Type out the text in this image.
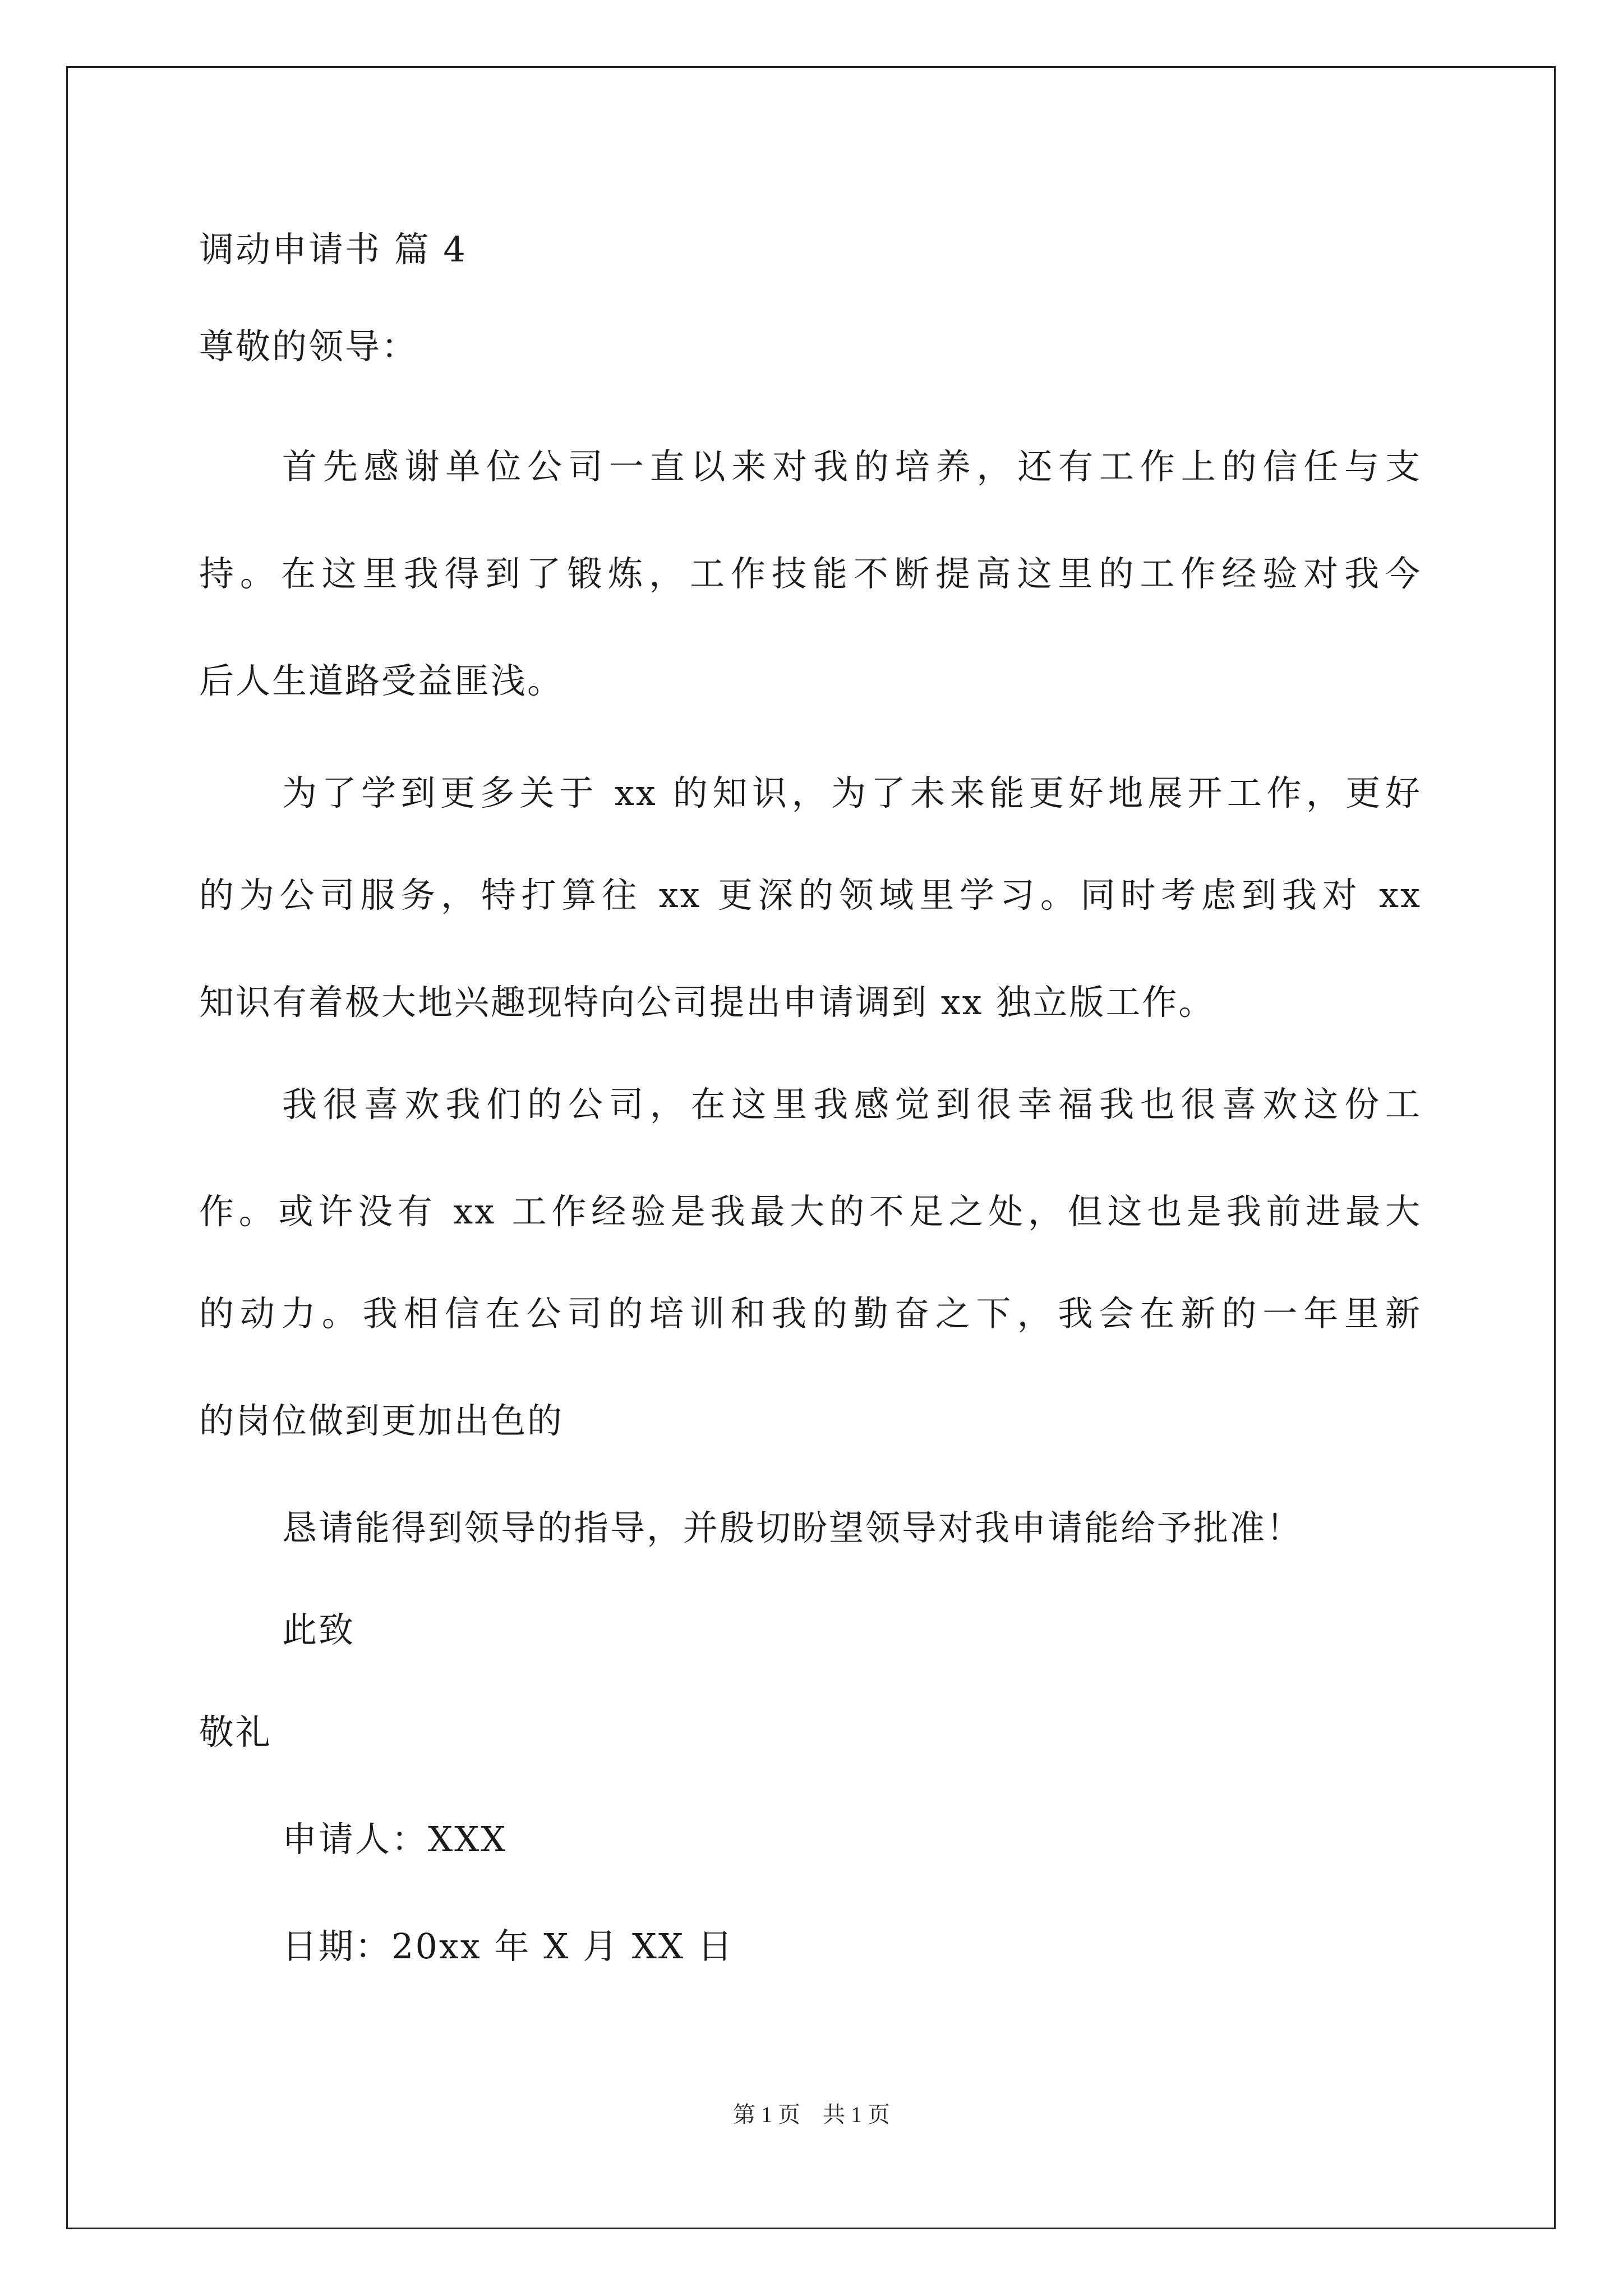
调动申请书 篇 4
尊敬的领导：
首先感谢单位公司一直以来对我的培养，还有工作上的信任与支
持。在这里我得到了锻炼，工作技能不断提高这里的工作经验对我今
后人生道路受益匪浅。
为了学到更多关于 xx 的知识，为了未来能更好地展开工作，更好
的为公司服务，特打算往 xx 更深的领域里学习。同时考虑到我对 xx
知识有着极大地兴趣现特向公司提出申请调到 xx 独立版工作。
我很喜欢我们的公司，在这里我感觉到很幸福我也很喜欢这份工
作。或许没有 xx 工作经验是我最大的不足之处，但这也是我前进最大
的动力。我相信在公司的培训和我的勤奋之下，我会在新的一年里新
的岗位做到更加出色的
恳请能得到领导的指导，并殷切盼望领导对我申请能给予批准！
此致
敬礼
申请人：XXX
日期：20xx 年 X 月 XX 日
第 1 页    共 1 页
